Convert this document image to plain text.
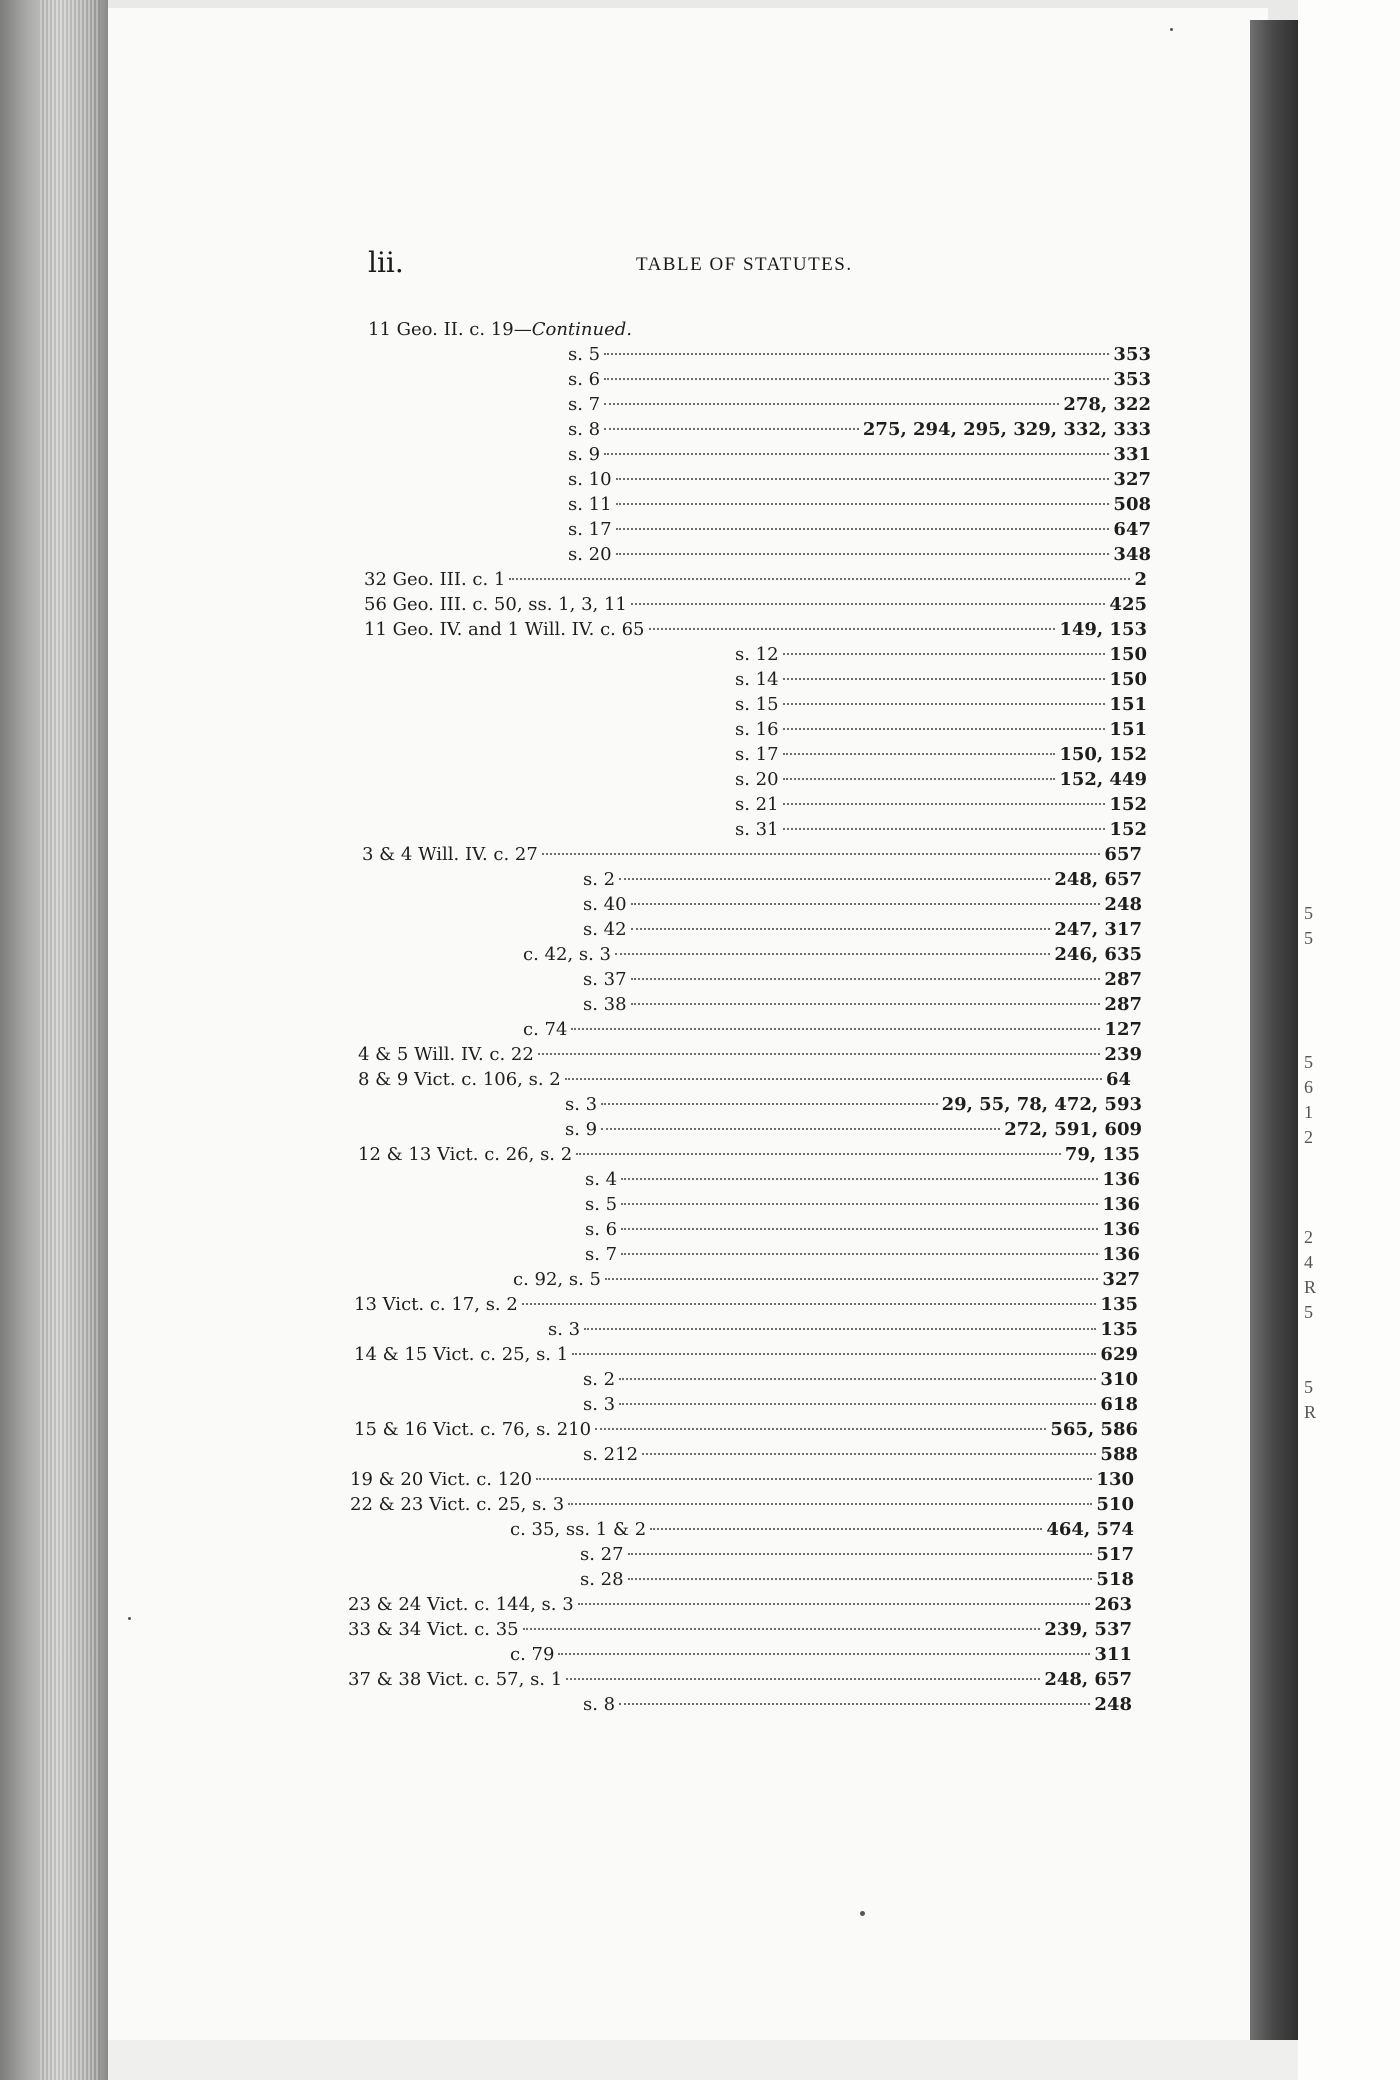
5
5
5
6
1
2
2
4
R
5
5
R
lii.	TABLE OF STATUTES.
11 Geo. II. c. 19—Continued.
s. 5	353
s. 6	353
s. 7	278, 322
s. 8	275, 294, 295, 329, 332, 333
s. 9	331
s. 10	327
s. 11	508
s. 17	647
s. 20	348
32 Geo. III. c. 1	2
56 Geo. III. c. 50, ss. 1, 3, 11	425
11 Geo. IV. and 1 Will. IV. c. 65	149, 153
s. 12	150
s. 14	150
s. 15	151
s. 16	151
s. 17	150, 152
s. 20	152, 449
s. 21	152
s. 31	152
3 & 4 Will. IV. c. 27	657
s. 2	248, 657
s. 40	248
s. 42	247, 317
c. 42, s. 3	246, 635
s. 37	287
s. 38	287
c. 74	127
4 & 5 Will. IV. c. 22	239
8 & 9 Vict. c. 106, s. 2	64
s. 3	29, 55, 78, 472, 593
s. 9	272, 591, 609
12 & 13 Vict. c. 26, s. 2	79, 135
s. 4	136
s. 5	136
s. 6	136
s. 7	136
c. 92, s. 5	327
13 Vict. c. 17, s. 2	135
s. 3	135
14 & 15 Vict. c. 25, s. 1	629
s. 2	310
s. 3	618
15 & 16 Vict. c. 76, s. 210	565, 586
s. 212	588
19 & 20 Vict. c. 120	130
22 & 23 Vict. c. 25, s. 3	510
c. 35, ss. 1 & 2	464, 574
s. 27	517
s. 28	518
23 & 24 Vict. c. 144, s. 3	263
33 & 34 Vict. c. 35	239, 537
c. 79	311
37 & 38 Vict. c. 57, s. 1	248, 657
s. 8	248
